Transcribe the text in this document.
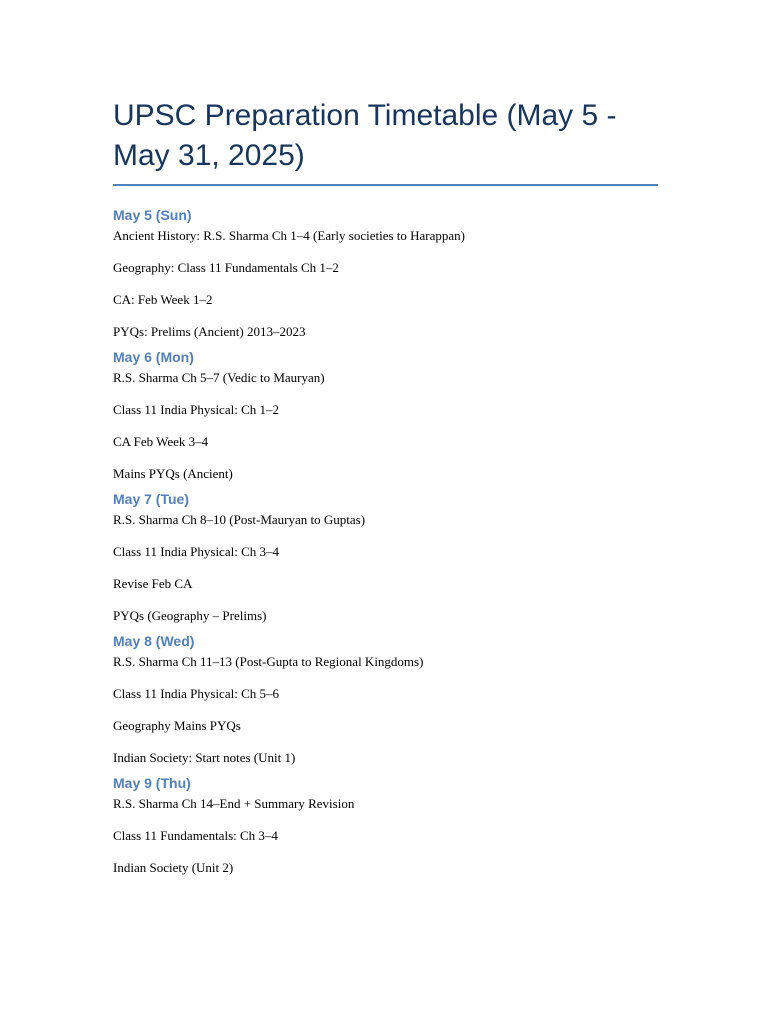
UPSC Preparation Timetable (May 5 - May 31, 2025)
May 5 (Sun)

Ancient History: R.S. Sharma Ch 1–4 (Early societies to Harappan)

Geography: Class 11 Fundamentals Ch 1–2

CA: Feb Week 1–2

PYQs: Prelims (Ancient) 2013–2023

May 6 (Mon)

R.S. Sharma Ch 5–7 (Vedic to Mauryan)

Class 11 India Physical: Ch 1–2

CA Feb Week 3–4

Mains PYQs (Ancient)

May 7 (Tue)

R.S. Sharma Ch 8–10 (Post-Mauryan to Guptas)

Class 11 India Physical: Ch 3–4

Revise Feb CA

PYQs (Geography – Prelims)

May 8 (Wed)

R.S. Sharma Ch 11–13 (Post-Gupta to Regional Kingdoms)

Class 11 India Physical: Ch 5–6

Geography Mains PYQs

Indian Society: Start notes (Unit 1)

May 9 (Thu)

R.S. Sharma Ch 14–End + Summary Revision

Class 11 Fundamentals: Ch 3–4

Indian Society (Unit 2)
